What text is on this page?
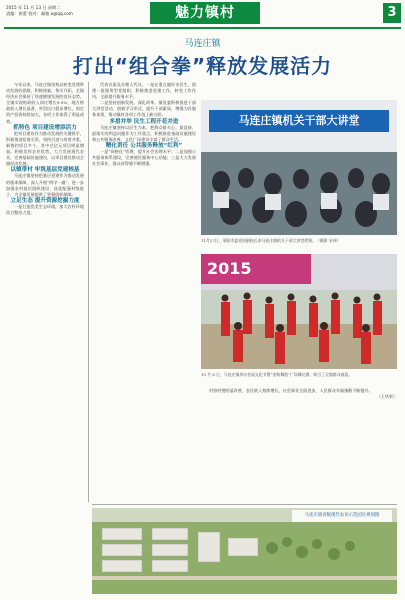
2015 年 11 月 13 日 星期二
责编：崔蕾 校对：邮箱 a@qq.com	魅力镇村	3
马连庄镇
打出“组合拳”释放发展活力

今年以来，马连庄镇坚持以转变党建带动发展的思路，积极探索，务实开拓，全镇经济社会保持了快速健康发展的良好态势。全镇实现财政收入同比增长9.5%，地方财政收入增长显著，外贸出口稳步增长，固定资产投资持续加大，各项工作取得了明显成效。

抓特色 项目建设增添活力

把项目建设作为推动发展的关键抓手，积极推进招商引资，坚持引进与培育并重，新签约项目多个，其中过亿元项目明显增加。积极发挥农业优势，大力发展现代农业，完善基础设施建设，以项目建设推动全镇经济发展。

以镇带村 牢筑基层党建根基

马连庄镇坚持把基层党建作为推动发展的根本保障，深入开展“两学一做”，进一步加强农村基层组织建设，选优配强村级班子，为全镇发展提供了坚强组织保障。

立足生态 提升资源挖掘力度

一是打造优美生态环境，加大农村环境综合整治力度。

代表议案及办理人代议。一是在重点做好亲民生，创建一批服务型党组织，积极推进党建工作，转变工作作风，全面提升服务水平。

二是坚持创新发展，深化改革。镇党委积极推进干部大讲堂活动，创新学习形式，提升干部素质，增强为民服务本领，推动镇村各项工作再上新台阶。

多措并举 民生工程开花并进

马连庄镇坚持以民生为本，把群众最关心、最直接、最现实的利益问题作为工作重点，积极推进基础设施建设和公共服务改善，文化广场建设丰富了群众生活。

精化责任 公共服务释放“红利”

一是“网格化”管理，提升社会治理水平；二是加强公共服务体系建设，完善便民服务中心功能；三是大力发展社会事业，群众获得感不断增强。

马连庄镇机关干部大讲堂
11月27日，莱阳市委党校副校长来马连庄镇机关干部大讲堂授课。（摄影 宋伟）
2015
10 月 6 日，马连庄镇举办首届文化节暨“金秋舞韵”广场舞比赛，吸引了全镇群众观看。

村容村貌明显改善，农民收入持续增长，社会事业全面进步，人民群众幸福指数不断提升。

（王华荣）

马连庄镇省级现代农业示范园区规划图
